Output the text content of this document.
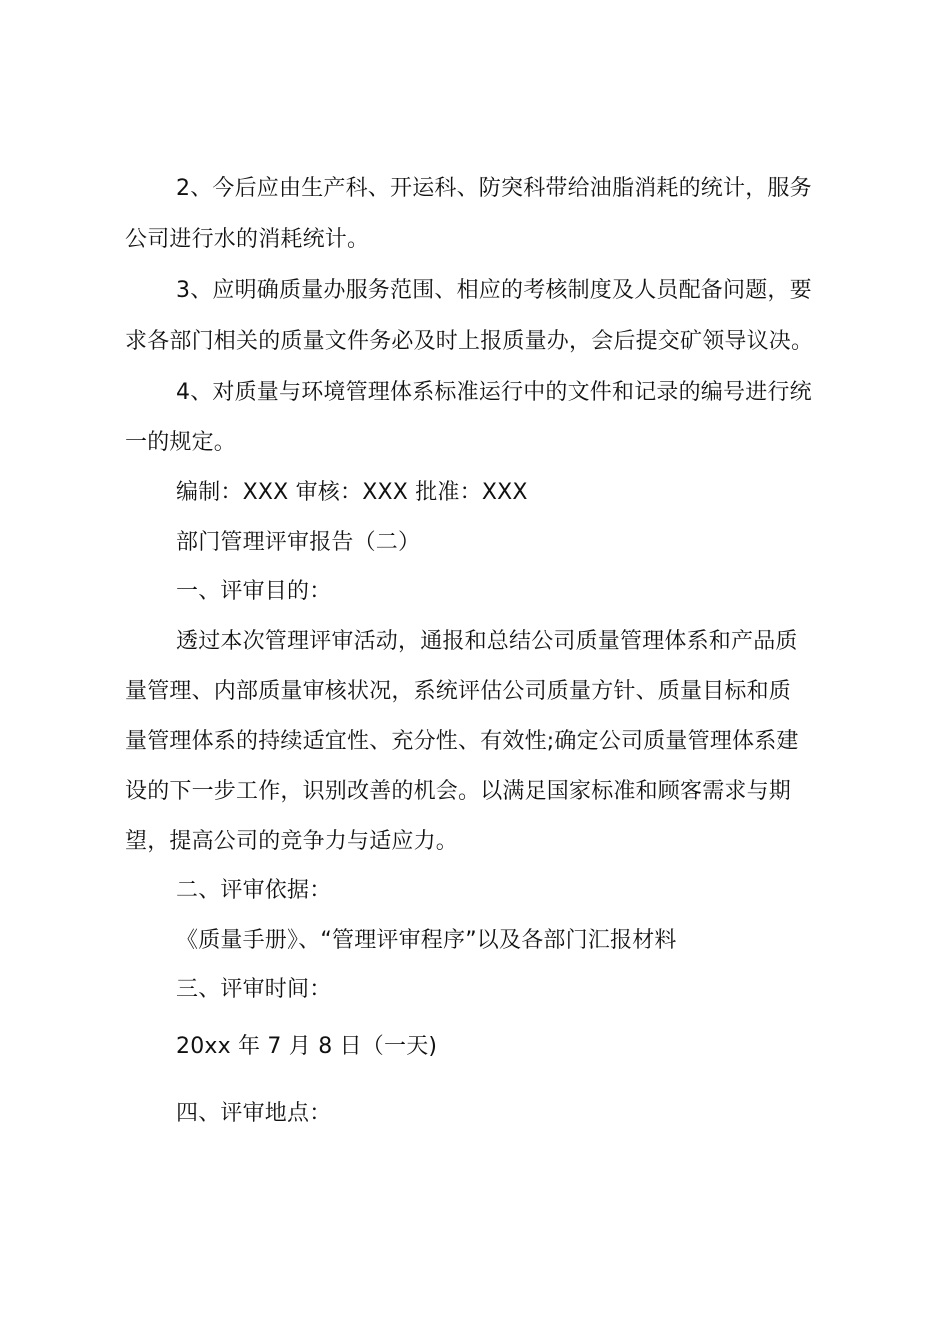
2、今后应由生产科、开运科、防突科带给油脂消耗的统计，服务
公司进行水的消耗统计。
3、应明确质量办服务范围、相应的考核制度及人员配备问题，要
求各部门相关的质量文件务必及时上报质量办，会后提交矿领导议决。
4、对质量与环境管理体系标准运行中的文件和记录的编号进行统
一的规定。
编制：XXX 审核：XXX 批准：XXX
部门管理评审报告（二）
一、评审目的：
透过本次管理评审活动，通报和总结公司质量管理体系和产品质
量管理、内部质量审核状况，系统评估公司质量方针、质量目标和质
量管理体系的持续适宜性、充分性、有效性;确定公司质量管理体系建
设的下一步工作，识别改善的机会。以满足国家标准和顾客需求与期
望，提高公司的竞争力与适应力。
二、评审依据：
《质量手册》、“管理评审程序”以及各部门汇报材料
三、评审时间：
20xx 年 7 月 8 日（一天)
四、评审地点：
